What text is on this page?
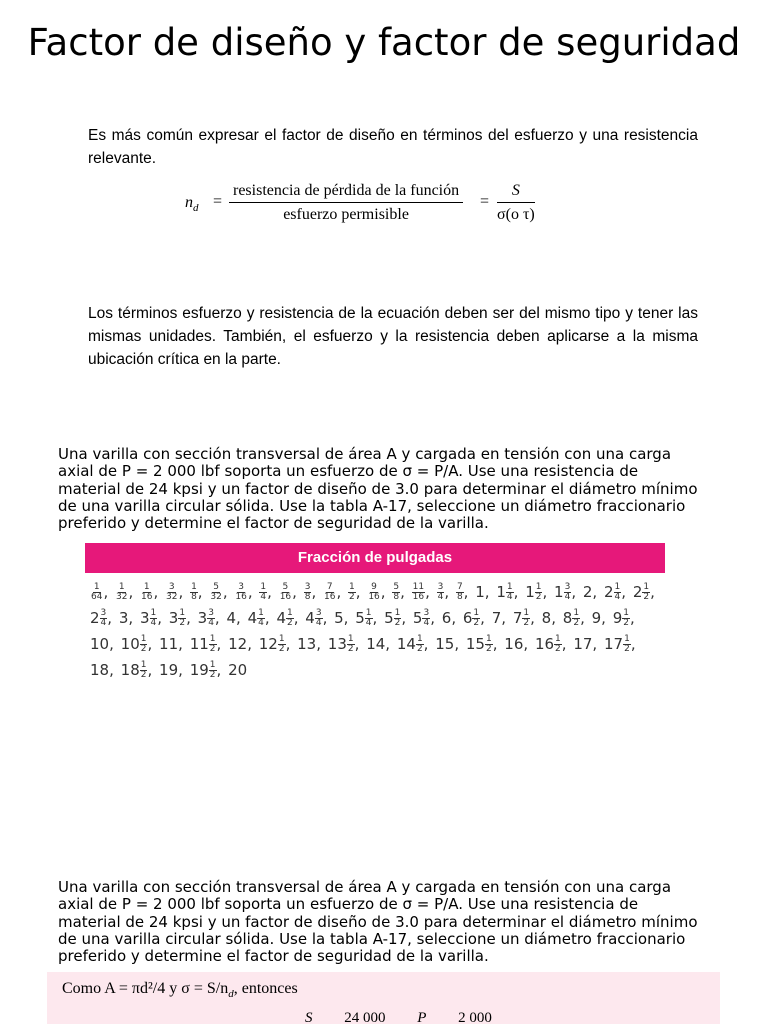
Factor de diseño y factor de seguridad
Es más común expresar el factor de diseño en términos del esfuerzo y una resistencia relevante.
$n_d$ =
resistencia de pérdida de la función
esfuerzo permisible
= $\frac{S}{\text{σ(o τ)}}$
Los términos esfuerzo y resistencia de la ecuación deben ser del mismo tipo y tener las mismas unidades. También, el esfuerzo y la resistencia deben aplicarse a la misma ubicación crítica en la parte.
Una varilla con sección transversal de área A y cargada en tensión con una carga axial de P = 2 000 lbf soporta un esfuerzo de σ = P/A. Use una resistencia de material de 24 kpsi y un factor de diseño de 3.0 para determinar el diámetro mínimo de una varilla circular sólida. Use la tabla A-17, seleccione un diámetro fraccionario preferido y determine el factor de seguridad de la varilla.
Fracción de pulgadas
$\frac{1}{64}$ , $\frac{1}{32}$ , $\frac{1}{16}$ , $\frac{3}{32}$ , $\frac{1}{8}$ , $\frac{5}{32}$ , $\frac{3}{16}$ , $\frac{1}{4}$ , $\frac{5}{16}$ , $\frac{3}{8}$ , $\frac{7}{16}$ , $\frac{1}{2}$ , $\frac{9}{16}$ , $\frac{5}{8}$ , $\frac{11}{16}$ , $\frac{3}{4}$ , $\frac{7}{8}$ , 1, $1 \frac{1}{4}$ , $1 \frac{1}{2}$ , $1 \frac{3}{4}$ , 2, $2 \frac{1}{4}$ , $2 \frac{1}{2}$ , $2 \frac{3}{4}$ , 3, $3 \frac{1}{4}$ , $3 \frac{1}{2}$ , $3 \frac{3}{4}$ , 4, $4 \frac{1}{4}$ , $4 \frac{1}{2}$ , $4 \frac{3}{4}$ , 5, $5 \frac{1}{4}$ , $5 \frac{1}{2}$ , $5 \frac{3}{4}$ , 6, $6 \frac{1}{2}$ , 7, $7 \frac{1}{2}$ , 8, $8 \frac{1}{2}$ , 9, $9 \frac{1}{2}$ , 10, $10 \frac{1}{2}$ , 11, $11 \frac{1}{2}$ , 12, $12 \frac{1}{2}$ , 13, $13 \frac{1}{2}$ , 14, $14 \frac{1}{2}$ , 15, $15 \frac{1}{2}$ , 16, $16 \frac{1}{2}$ , 17, $17 \frac{1}{2}$ , 18, $18 \frac{1}{2}$ , 19, $19 \frac{1}{2}$ , 20
Una varilla con sección transversal de área A y cargada en tensión con una carga axial de P = 2 000 lbf soporta un esfuerzo de σ = P/A. Use una resistencia de material de 24 kpsi y un factor de diseño de 3.0 para determinar el diámetro mínimo de una varilla circular sólida. Use la tabla A-17, seleccione un diámetro fraccionario preferido y determine el factor de seguridad de la varilla.
Como A = πd²/4 y $\sigma = S/n_d$, entonces
S 24 000 P 2 000
